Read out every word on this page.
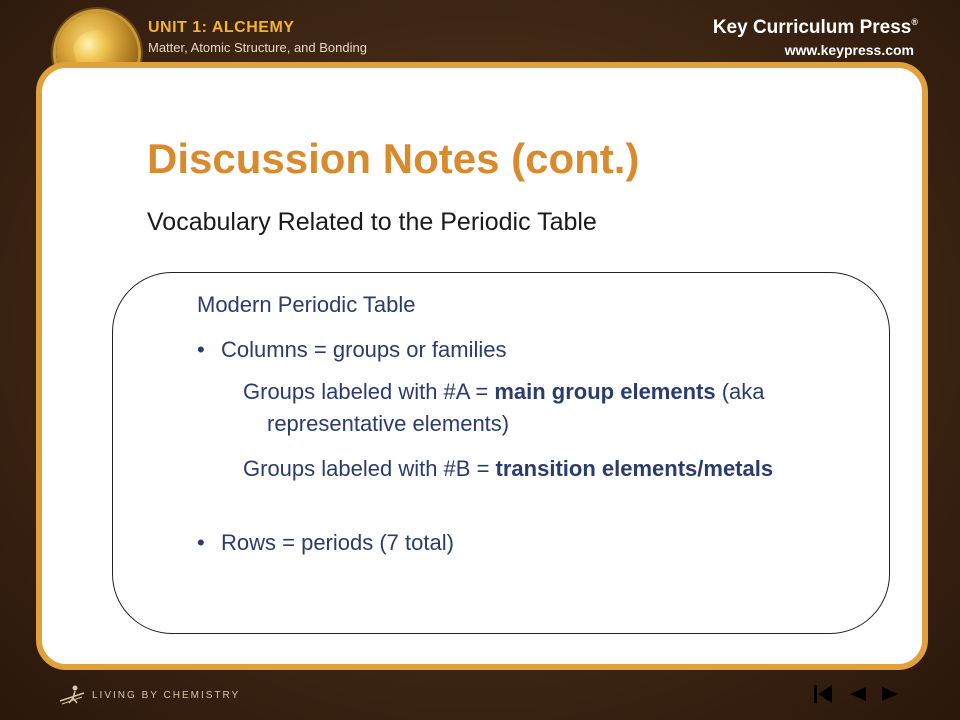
UNIT 1: ALCHEMY
Matter, Atomic Structure, and Bonding
Key Curriculum Press®
www.keypress.com
Discussion Notes (cont.)
Vocabulary Related to the Periodic Table
Modern Periodic Table
• Columns = groups or families
Groups labeled with #A = main group elements (aka representative elements)
Groups labeled with #B = transition elements/metals
• Rows = periods (7 total)
LIVING BY CHEMISTRY
